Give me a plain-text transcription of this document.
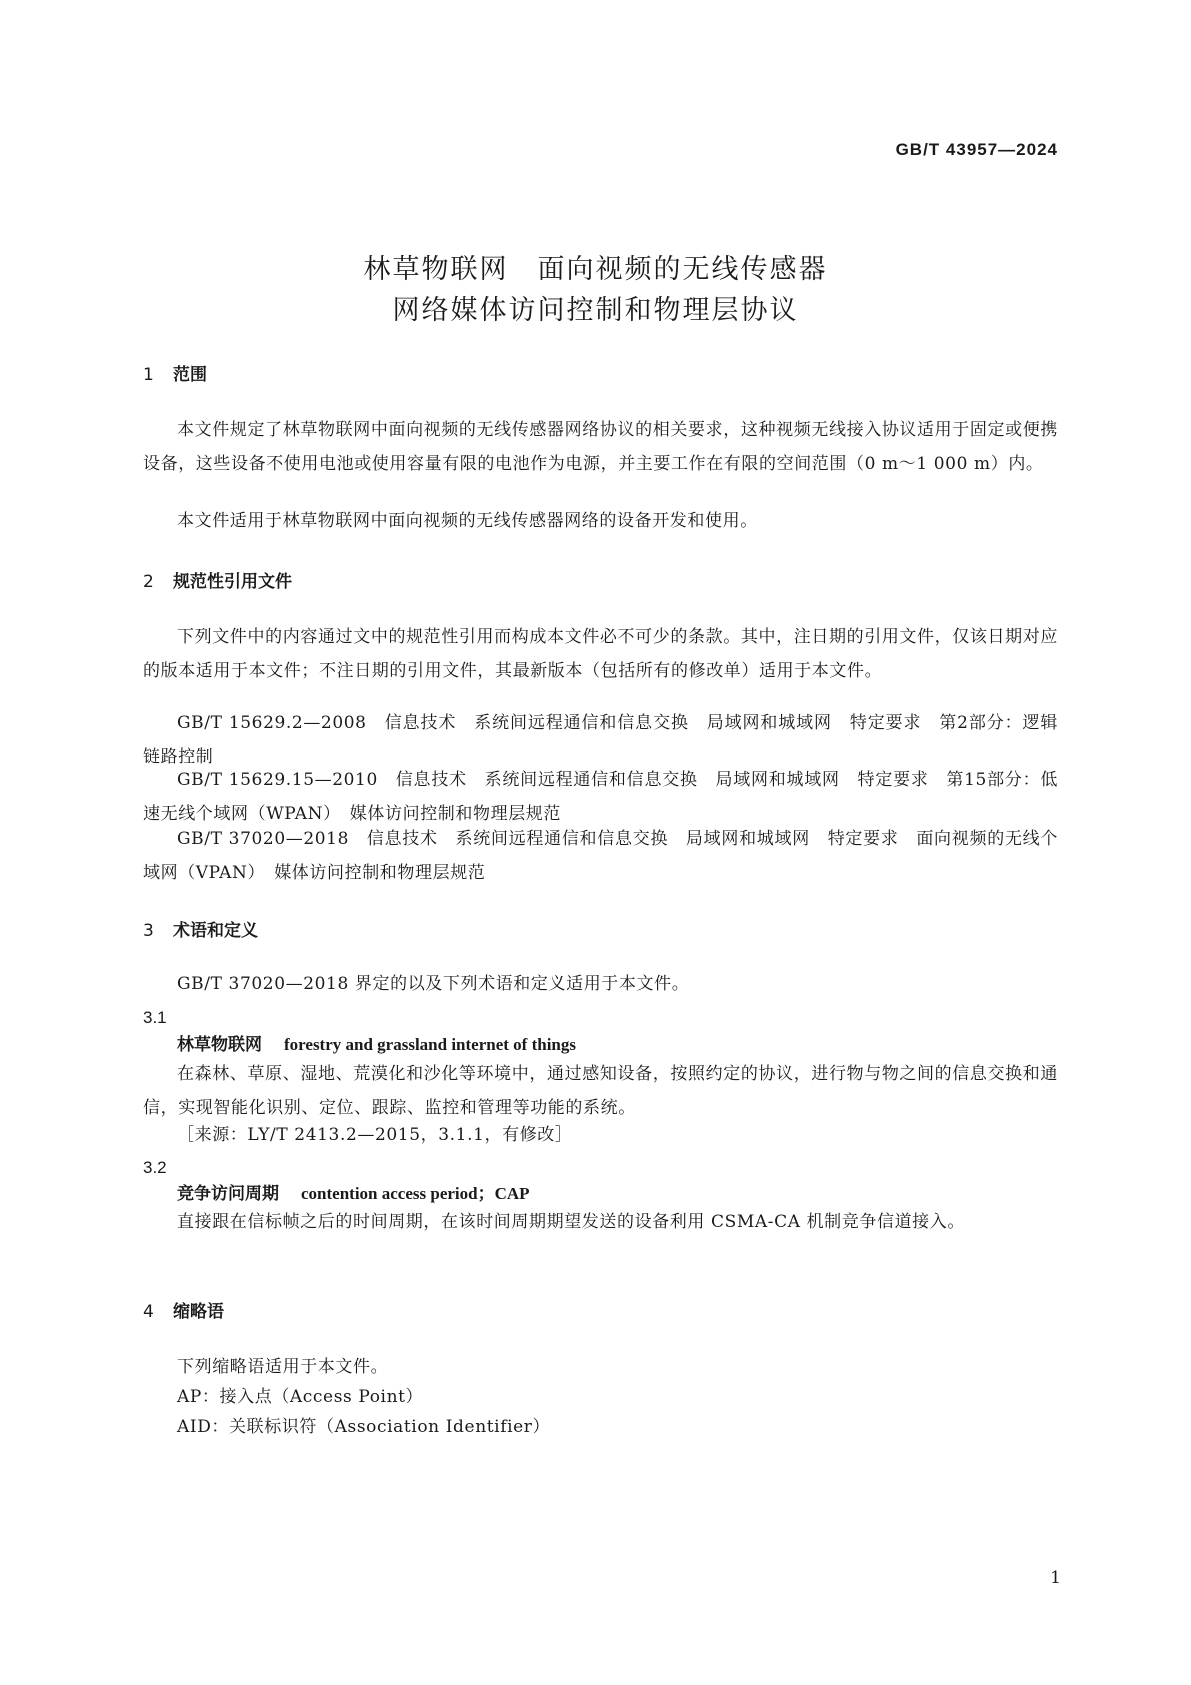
GB/T 43957—2024
林草物联网　面向视频的无线传感器
网络媒体访问控制和物理层协议
1 范围
本文件规定了林草物联网中面向视频的无线传感器网络协议的相关要求，这种视频无线接入协议适用于固定或便携设备，这些设备不使用电池或使用容量有限的电池作为电源，并主要工作在有限的空间范围（0 m～1 000 m）内。
本文件适用于林草物联网中面向视频的无线传感器网络的设备开发和使用。
2 规范性引用文件
下列文件中的内容通过文中的规范性引用而构成本文件必不可少的条款。其中，注日期的引用文件，仅该日期对应的版本适用于本文件；不注日期的引用文件，其最新版本（包括所有的修改单）适用于本文件。
GB/T 15629.2—2008　信息技术　系统间远程通信和信息交换　局域网和城域网　特定要求　第2部分：逻辑链路控制
GB/T 15629.15—2010　信息技术　系统间远程通信和信息交换　局域网和城域网　特定要求　第15部分：低速无线个域网（WPAN）　媒体访问控制和物理层规范
GB/T 37020—2018　信息技术　系统间远程通信和信息交换　局域网和城域网　特定要求　面向视频的无线个域网（VPAN）　媒体访问控制和物理层规范
3 术语和定义
GB/T 37020—2018 界定的以及下列术语和定义适用于本文件。
3.1
林草物联网 forestry and grassland internet of things
在森林、草原、湿地、荒漠化和沙化等环境中，通过感知设备，按照约定的协议，进行物与物之间的信息交换和通信，实现智能化识别、定位、跟踪、监控和管理等功能的系统。
［来源：LY/T 2413.2—2015，3.1.1，有修改］
3.2
竞争访问周期 contention access period；CAP
直接跟在信标帧之后的时间周期，在该时间周期期望发送的设备利用 CSMA-CA 机制竞争信道接入。
4 缩略语
下列缩略语适用于本文件。
AP：接入点（Access Point）
AID：关联标识符（Association Identifier）
1
